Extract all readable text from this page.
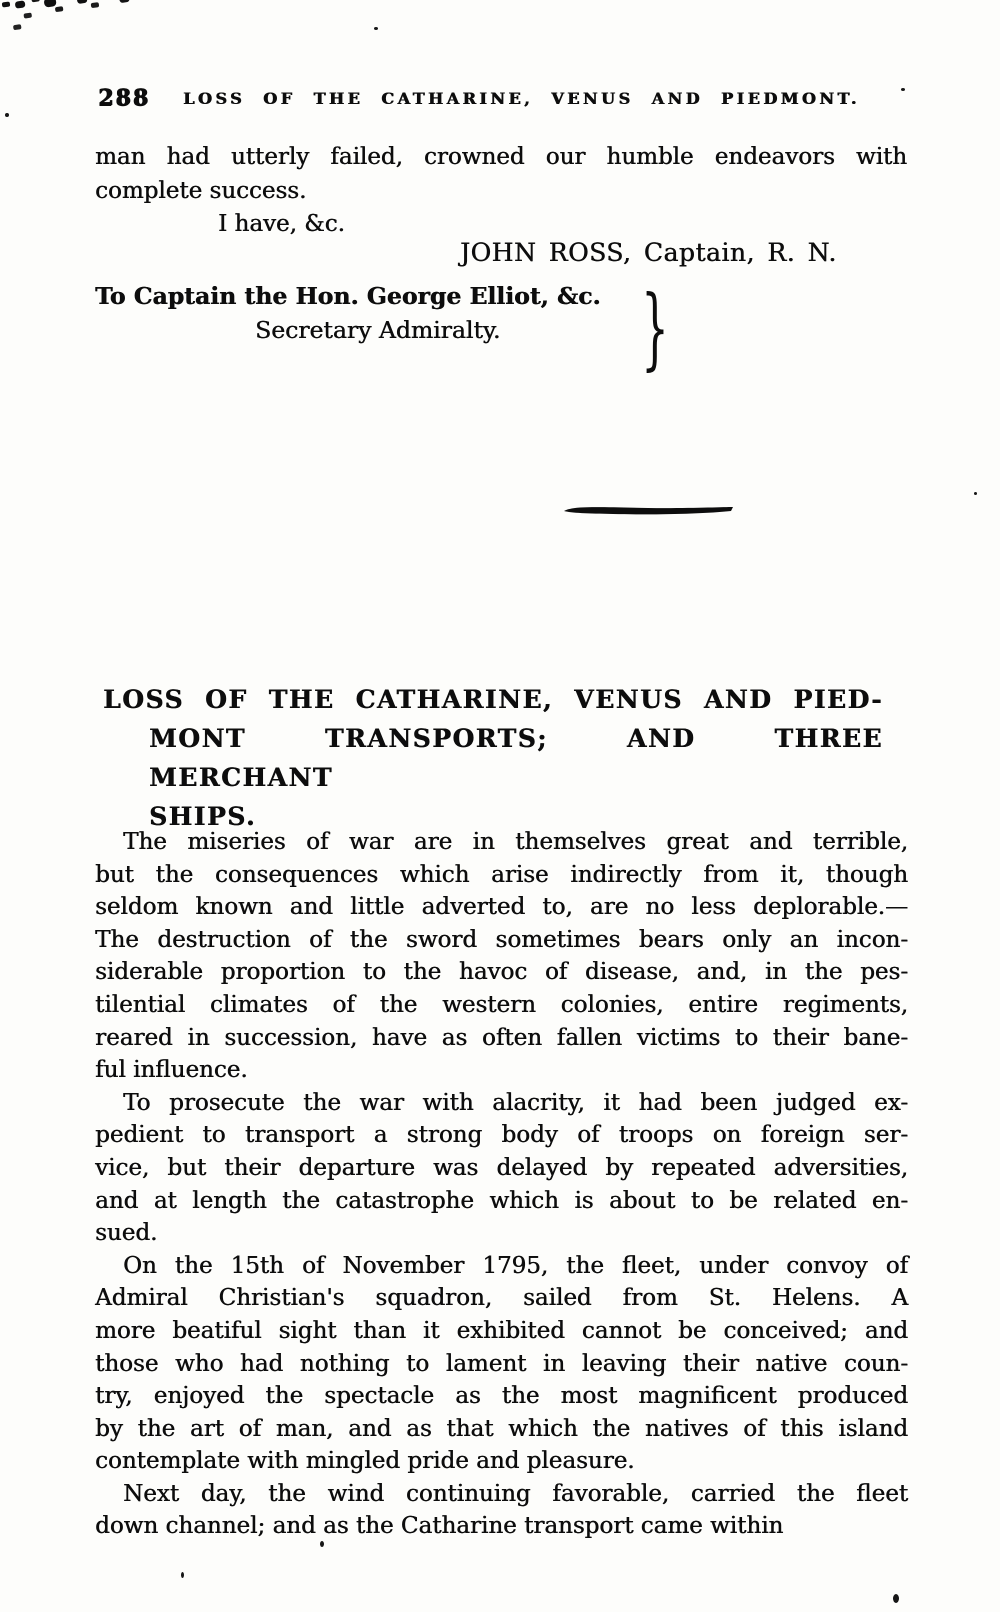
288 LOSS OF THE CATHARINE, VENUS AND PIEDMONT.
man had utterly failed, crowned our humble endeavors with
complete success.
I have, &c.
JOHN ROSS, Captain, R. N.
To Captain the Hon. George Elliot, &c.
Secretary Admiralty.	}
LOSS OF THE CATHARINE, VENUS AND PIED-
MONT TRANSPORTS; AND THREE MERCHANT
SHIPS.
The miseries of war are in themselves great and terrible,
but the consequences which arise indirectly from it, though
seldom known and little adverted to, are no less deplorable.—
The destruction of the sword sometimes bears only an incon-
siderable proportion to the havoc of disease, and, in the pes-
tilential climates of the western colonies, entire regiments,
reared in succession, have as often fallen victims to their bane-
ful influence.
To prosecute the war with alacrity, it had been judged ex-
pedient to transport a strong body of troops on foreign ser-
vice, but their departure was delayed by repeated adversities,
and at length the catastrophe which is about to be related en-
sued.
On the 15th of November 1795, the fleet, under convoy of
Admiral Christian's squadron, sailed from St. Helens. A
more beatiful sight than it exhibited cannot be conceived; and
those who had nothing to lament in leaving their native coun-
try, enjoyed the spectacle as the most magnificent produced
by the art of man, and as that which the natives of this island
contemplate with mingled pride and pleasure.
Next day, the wind continuing favorable, carried the fleet
down channel; and as the Catharine transport came within
